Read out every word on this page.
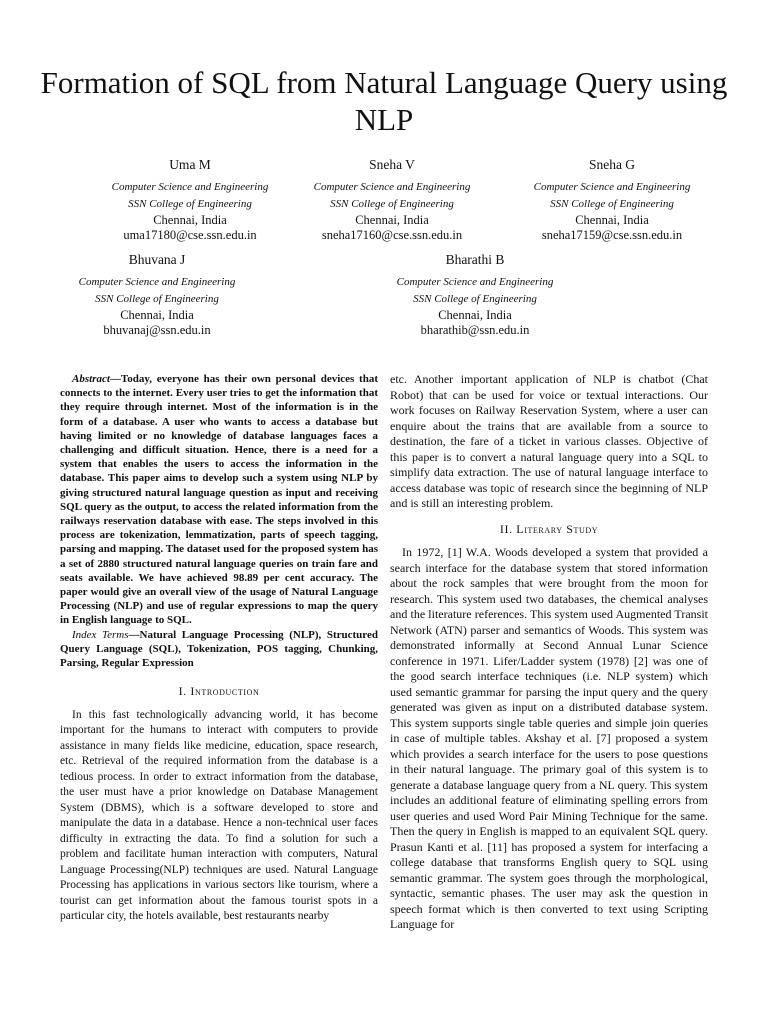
Formation of SQL from Natural Language Query using NLP
Uma M
Computer Science and Engineering
SSN College of Engineering
Chennai, India
uma17180@cse.ssn.edu.in
Sneha V
Computer Science and Engineering
SSN College of Engineering
Chennai, India
sneha17160@cse.ssn.edu.in
Sneha G
Computer Science and Engineering
SSN College of Engineering
Chennai, India
sneha17159@cse.ssn.edu.in
Bhuvana J
Computer Science and Engineering
SSN College of Engineering
Chennai, India
bhuvanaj@ssn.edu.in
Bharathi B
Computer Science and Engineering
SSN College of Engineering
Chennai, India
bharathib@ssn.edu.in

Abstract—Today, everyone has their own personal devices that connects to the internet. Every user tries to get the information that they require through internet. Most of the information is in the form of a database. A user who wants to access a database but having limited or no knowledge of database languages faces a challenging and difficult situation. Hence, there is a need for a system that enables the users to access the information in the database. This paper aims to develop such a system using NLP by giving structured natural language question as input and receiving SQL query as the output, to access the related information from the railways reservation database with ease. The steps involved in this process are tokenization, lemmatization, parts of speech tagging, parsing and mapping. The dataset used for the proposed system has a set of 2880 structured natural language queries on train fare and seats available. We have achieved 98.89 per cent accuracy. The paper would give an overall view of the usage of Natural Language Processing (NLP) and use of regular expressions to map the query in English language to SQL.

Index Terms—Natural Language Processing (NLP), Structured Query Language (SQL), Tokenization, POS tagging, Chunking, Parsing, Regular Expression

I. Introduction

In this fast technologically advancing world, it has become important for the humans to interact with computers to provide assistance in many fields like medicine, education, space research, etc. Retrieval of the required information from the database is a tedious process. In order to extract information from the database, the user must have a prior knowledge on Database Management System (DBMS), which is a software developed to store and manipulate the data in a database. Hence a non-technical user faces difficulty in extracting the data. To find a solution for such a problem and facilitate human interaction with computers, Natural Language Processing(NLP) techniques are used. Natural Language Processing has applications in various sectors like tourism, where a tourist can get information about the famous tourist spots in a particular city, the hotels available, best restaurants nearby

etc. Another important application of NLP is chatbot (Chat Robot) that can be used for voice or textual interactions. Our work focuses on Railway Reservation System, where a user can enquire about the trains that are available from a source to destination, the fare of a ticket in various classes. Objective of this paper is to convert a natural language query into a SQL to simplify data extraction. The use of natural language interface to access database was topic of research since the beginning of NLP and is still an interesting problem.

II. Literary Study

In 1972, [1] W.A. Woods developed a system that provided a search interface for the database system that stored information about the rock samples that were brought from the moon for research. This system used two databases, the chemical analyses and the literature references. This system used Augmented Transit Network (ATN) parser and semantics of Woods. This system was demonstrated informally at Second Annual Lunar Science conference in 1971. Lifer/Ladder system (1978) [2] was one of the good search interface techniques (i.e. NLP system) which used semantic grammar for parsing the input query and the query generated was given as input on a distributed database system. This system supports single table queries and simple join queries in case of multiple tables. Akshay et al. [7] proposed a system which provides a search interface for the users to pose questions in their natural language. The primary goal of this system is to generate a database language query from a NL query. This system includes an additional feature of eliminating spelling errors from user queries and used Word Pair Mining Technique for the same. Then the query in English is mapped to an equivalent SQL query. Prasun Kanti et al. [11] has proposed a system for interfacing a college database that transforms English query to SQL using semantic grammar. The system goes through the morphological, syntactic, semantic phases. The user may ask the question in speech format which is then converted to text using Scripting Language for
